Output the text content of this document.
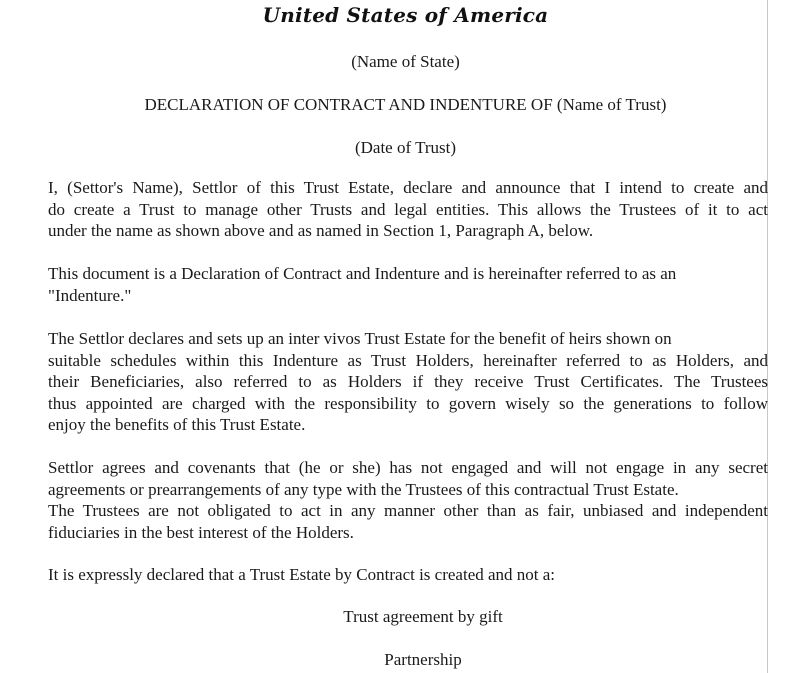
United States of America
(Name of State)
DECLARATION OF CONTRACT AND INDENTURE OF (Name of Trust)
(Date of Trust)
I, (Settor's Name), Settlor of this Trust Estate, declare and announce that I intend to create and
do create a Trust to manage other Trusts and legal entities. This allows the Trustees of it to act
under the name as shown above and as named in Section 1, Paragraph A, below.
This document is a Declaration of Contract and Indenture and is hereinafter referred to as an
"Indenture."
The Settlor declares and sets up an inter vivos Trust Estate for the benefit of heirs shown on
suitable schedules within this Indenture as Trust Holders, hereinafter referred to as Holders, and
their Beneficiaries, also referred to as Holders if they receive Trust Certificates. The Trustees
thus appointed are charged with the responsibility to govern wisely so the generations to follow
enjoy the benefits of this Trust Estate.
Settlor agrees and covenants that (he or she) has not engaged and will not engage in any secret
agreements or prearrangements of any type with the Trustees of this contractual Trust Estate.
The Trustees are not obligated to act in any manner other than as fair, unbiased and independent
fiduciaries in the best interest of the Holders.
It is expressly declared that a Trust Estate by Contract is created and not a:
Trust agreement by gift
Partnership
